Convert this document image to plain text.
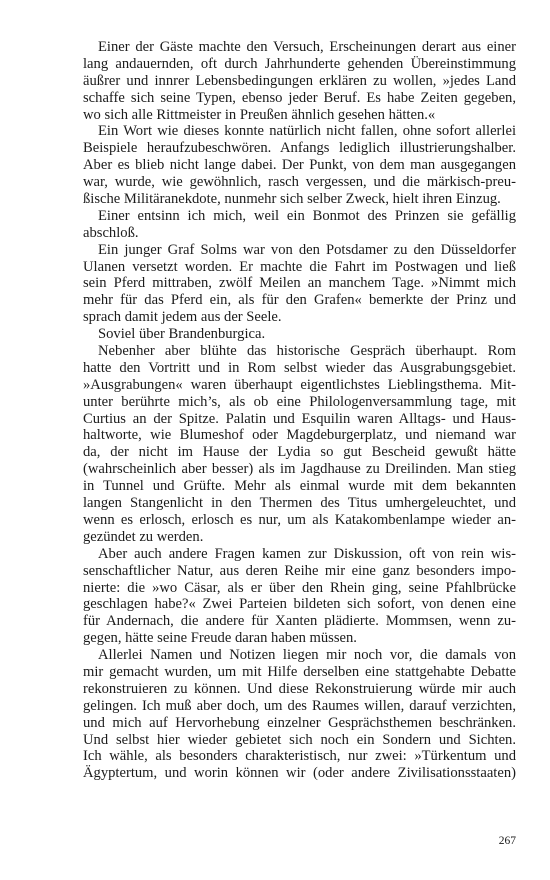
Einer der Gäste machte den Versuch, Erscheinungen derart aus einer
lang andauernden, oft durch Jahrhunderte gehenden Übereinstimmung
äußrer und innrer Lebensbedingungen erklären zu wollen, »jedes Land
schaffe sich seine Typen, ebenso jeder Beruf. Es habe Zeiten gegeben,
wo sich alle Rittmeister in Preußen ähnlich gesehen hätten.«
Ein Wort wie dieses konnte natürlich nicht fallen, ohne sofort allerlei
Beispiele heraufzubeschwören. Anfangs lediglich illustrierungshalber.
Aber es blieb nicht lange dabei. Der Punkt, von dem man ausgegangen
war, wurde, wie gewöhnlich, rasch vergessen, und die märkisch-preu-
ßische Militäranekdote, nunmehr sich selber Zweck, hielt ihren Einzug.
Einer entsinn ich mich, weil ein Bonmot des Prinzen sie gefällig
abschloß.
Ein junger Graf Solms war von den Potsdamer zu den Düsseldorfer
Ulanen versetzt worden. Er machte die Fahrt im Postwagen und ließ
sein Pferd mittraben, zwölf Meilen an manchem Tage. »Nimmt mich
mehr für das Pferd ein, als für den Grafen« bemerkte der Prinz und
sprach damit jedem aus der Seele.
Soviel über Brandenburgica.
Nebenher aber blühte das historische Gespräch überhaupt. Rom
hatte den Vortritt und in Rom selbst wieder das Ausgrabungsgebiet.
»Ausgrabungen« waren überhaupt eigentlichstes Lieblingsthema. Mit-
unter berührte mich’s, als ob eine Philologenversammlung tage, mit
Curtius an der Spitze. Palatin und Esquilin waren Alltags- und Haus-
haltworte, wie Blumeshof oder Magdeburgerplatz, und niemand war
da, der nicht im Hause der Lydia so gut Bescheid gewußt hätte
(wahrscheinlich aber besser) als im Jagdhause zu Dreilinden. Man stieg
in Tunnel und Grüfte. Mehr als einmal wurde mit dem bekannten
langen Stangenlicht in den Thermen des Titus umhergeleuchtet, und
wenn es erlosch, erlosch es nur, um als Katakombenlampe wieder an-
gezündet zu werden.
Aber auch andere Fragen kamen zur Diskussion, oft von rein wis-
senschaftlicher Natur, aus deren Reihe mir eine ganz besonders impo-
nierte: die »wo Cäsar, als er über den Rhein ging, seine Pfahlbrücke
geschlagen habe?« Zwei Parteien bildeten sich sofort, von denen eine
für Andernach, die andere für Xanten plädierte. Mommsen, wenn zu-
gegen, hätte seine Freude daran haben müssen.
Allerlei Namen und Notizen liegen mir noch vor, die damals von
mir gemacht wurden, um mit Hilfe derselben eine stattgehabte Debatte
rekonstruieren zu können. Und diese Rekonstruierung würde mir auch
gelingen. Ich muß aber doch, um des Raumes willen, darauf verzichten,
und mich auf Hervorhebung einzelner Gesprächsthemen beschränken.
Und selbst hier wieder gebietet sich noch ein Sondern und Sichten.
Ich wähle, als besonders charakteristisch, nur zwei: »Türkentum und
Ägyptertum, und worin können wir (oder andere Zivilisationsstaaten)
267
